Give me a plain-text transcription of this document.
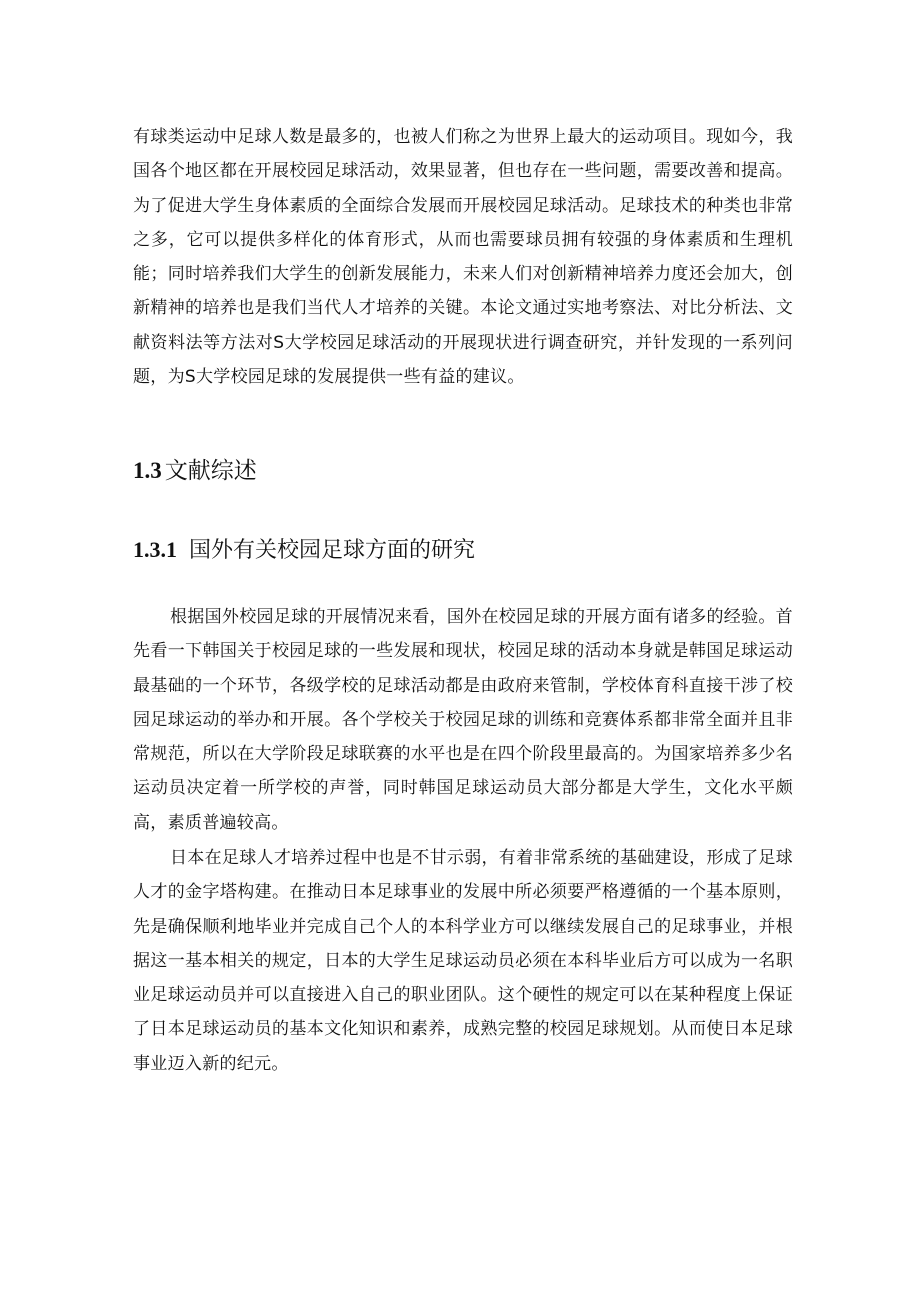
有球类运动中足球人数是最多的，也被人们称之为世界上最大的运动项目。现如今，我国各个地区都在开展校园足球活动，效果显著，但也存在一些问题，需要改善和提高。为了促进大学生身体素质的全面综合发展而开展校园足球活动。足球技术的种类也非常之多，它可以提供多样化的体育形式，从而也需要球员拥有较强的身体素质和生理机能；同时培养我们大学生的创新发展能力，未来人们对创新精神培养力度还会加大，创新精神的培养也是我们当代人才培养的关键。本论文通过实地考察法、对比分析法、文献资料法等方法对S大学校园足球活动的开展现状进行调查研究，并针发现的一系列问题，为S大学校园足球的发展提供一些有益的建议。

1.3 文献综述
1.3.1 国外有关校园足球方面的研究

根据国外校园足球的开展情况来看，国外在校园足球的开展方面有诸多的经验。首先看一下韩国关于校园足球的一些发展和现状，校园足球的活动本身就是韩国足球运动最基础的一个环节，各级学校的足球活动都是由政府来管制，学校体育科直接干涉了校园足球运动的举办和开展。各个学校关于校园足球的训练和竞赛体系都非常全面并且非常规范，所以在大学阶段足球联赛的水平也是在四个阶段里最高的。为国家培养多少名运动员决定着一所学校的声誉，同时韩国足球运动员大部分都是大学生，文化水平颇高，素质普遍较高。

日本在足球人才培养过程中也是不甘示弱，有着非常系统的基础建设，形成了足球人才的金字塔构建。在推动日本足球事业的发展中所必须要严格遵循的一个基本原则，先是确保顺利地毕业并完成自己个人的本科学业方可以继续发展自己的足球事业，并根据这一基本相关的规定，日本的大学生足球运动员必须在本科毕业后方可以成为一名职业足球运动员并可以直接进入自己的职业团队。这个硬性的规定可以在某种程度上保证了日本足球运动员的基本文化知识和素养，成熟完整的校园足球规划。从而使日本足球事业迈入新的纪元。
